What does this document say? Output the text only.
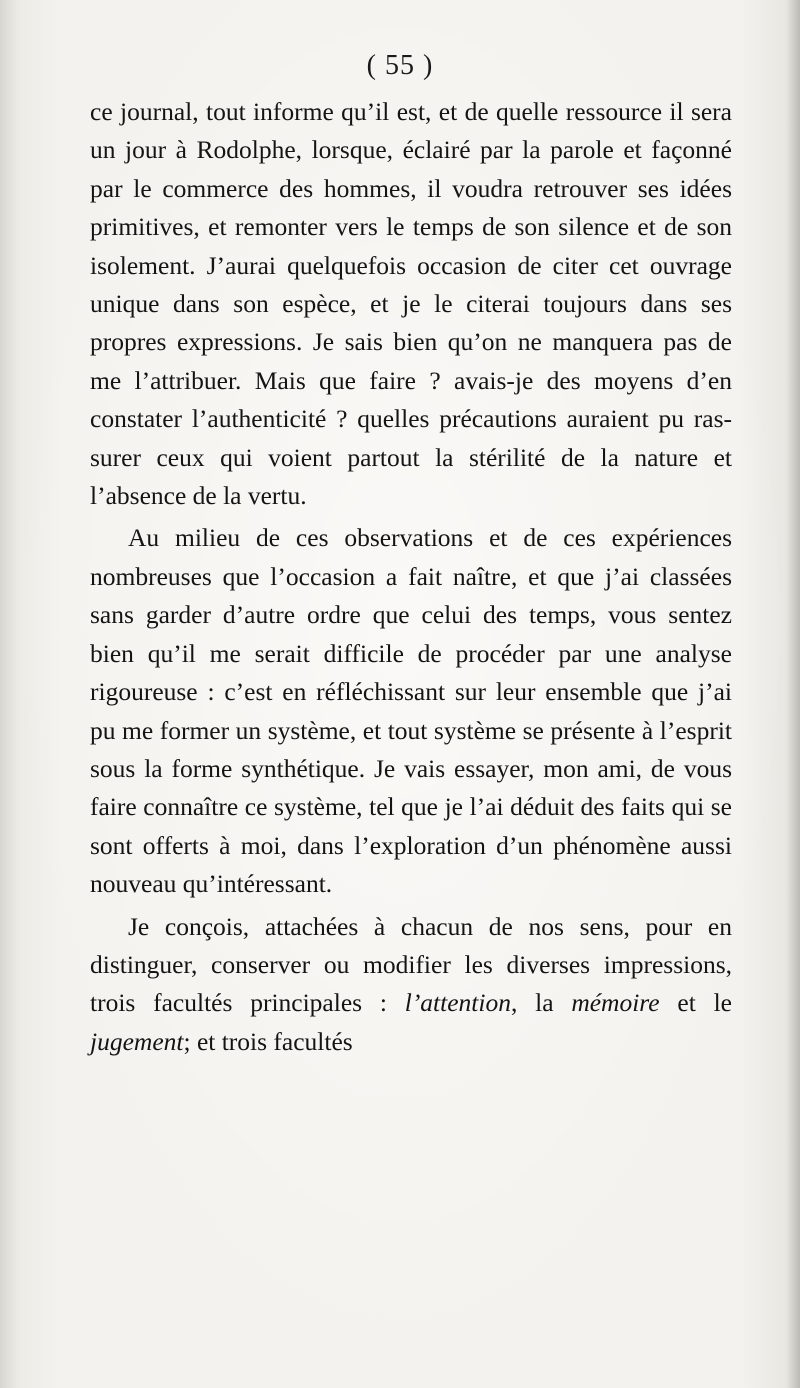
( 55 )

ce journal, tout informe qu’il est, et de quelle ressource il sera un jour à Rodolphe, lorsque, éclairé par la parole et façonné par le commerce des hommes, il voudra retrouver ses idées primitives, et remonter vers le temps de son silence et de son isolement. J’aurai quelquefois occasion de citer cet ouvrage unique dans son espèce, et je le citerai toujours dans ses propres expressions. Je sais bien qu’on ne manquera pas de me l’attribuer. Mais que faire ? avais-je des moyens d’en constater l’authenticité ? quelles précautions auraient pu rassurer ceux qui voient partout la stérilité de la nature et l’absence de la vertu.

Au milieu de ces observations et de ces expériences nombreuses que l’occasion a fait naître, et que j’ai classées sans garder d’autre ordre que celui des temps, vous sentez bien qu’il me serait difficile de procéder par une analyse rigoureuse : c’est en réfléchissant sur leur ensemble que j’ai pu me former un système, et tout système se présente à l’esprit sous la forme synthétique. Je vais essayer, mon ami, de vous faire connaître ce système, tel que je l’ai déduit des faits qui se sont offerts à moi, dans l’exploration d’un phénomène aussi nouveau qu’intéressant.

Je conçois, attachées à chacun de nos sens, pour en distinguer, conserver ou modifier les diverses impressions, trois facultés principales : l’attention, la mémoire et le jugement; et trois facultés
